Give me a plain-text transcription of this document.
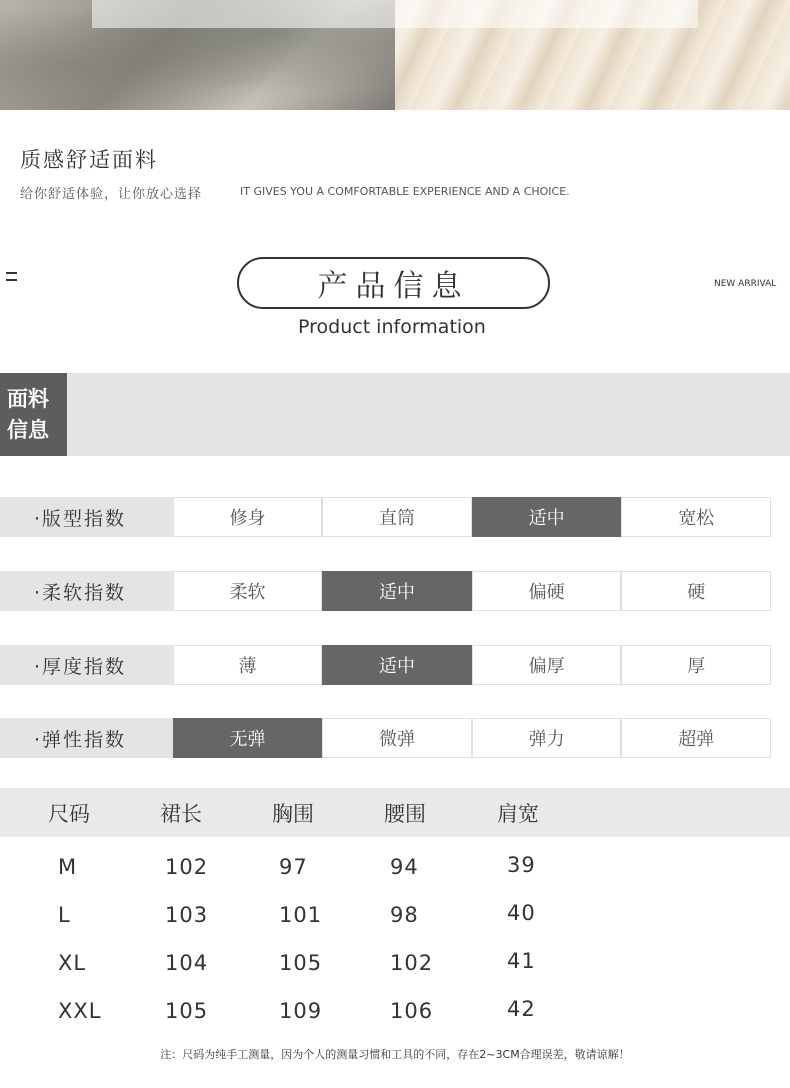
质感舒适面料
给你舒适体验，让你放心选择	IT GIVES YOU A COMFORTABLE EXPERIENCE AND A CHOICE.
产品信息
Product information
NEW ARRIVAL
面料
信息
·版型指数	修身	直筒	适中	宽松
·柔软指数	柔软	适中	偏硬	硬
·厚度指数	薄	适中	偏厚	厚
·弹性指数	无弹	微弹	弹力	超弹
尺码	裙长	胸围	腰围	肩宽
M	102	97	94	39
L	103	101	98	40
XL	104	105	102	41
XXL	105	109	106	42
注：尺码为纯手工测量，因为个人的测量习惯和工具的不同，存在2~3CM合理误差，敬请谅解！
